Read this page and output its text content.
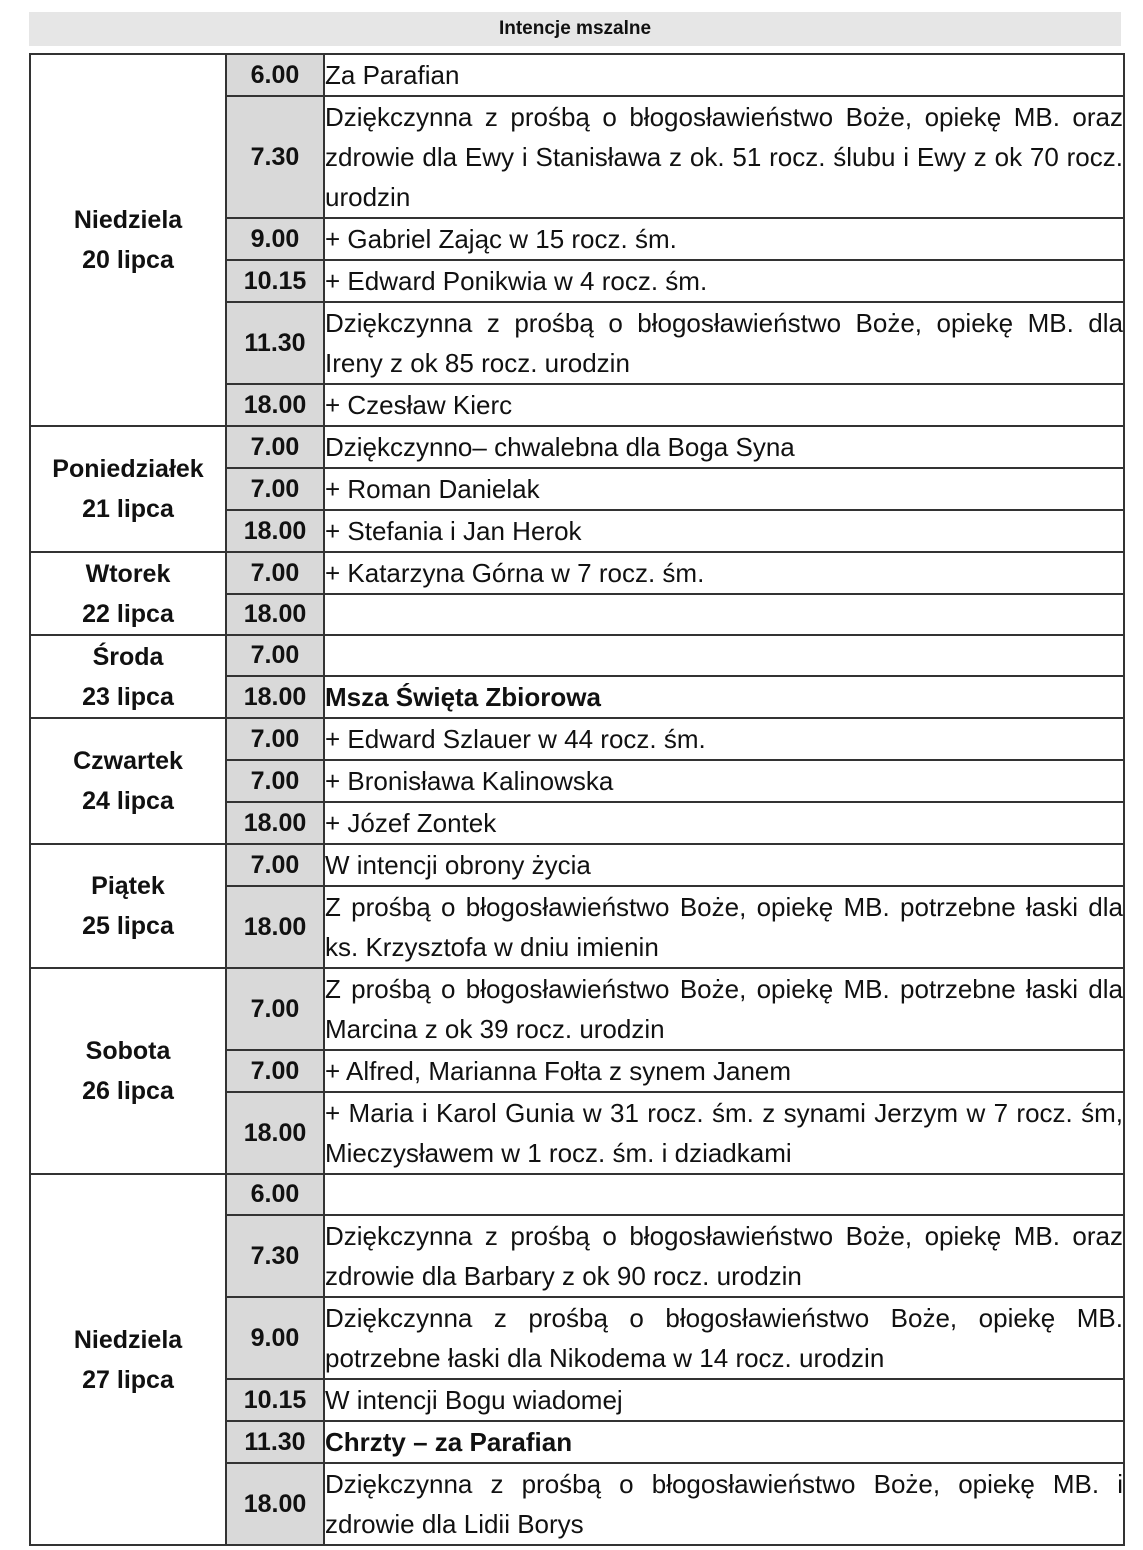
Intencje mszalne
Niedziela
20 lipca	6.00	Za Parafian
	7.30	Dziękczynna z prośbą o błogosławieństwo Boże, opiekę MB. oraz zdrowie dla Ewy i Stanisława z ok. 51 rocz. ślubu i Ewy z ok 70 rocz. urodzin
	9.00	+ Gabriel Zając w 15 rocz. śm.
	10.15	+ Edward Ponikwia w 4 rocz. śm.
	11.30	Dziękczynna z prośbą o błogosławieństwo Boże, opiekę MB. dla Ireny z ok 85 rocz. urodzin
	18.00	+ Czesław Kierc

Poniedziałek
21 lipca	7.00	Dziękczynno– chwalebna dla Boga Syna
	7.00	+ Roman Danielak
	18.00	+ Stefania i Jan Herok

Wtorek
22 lipca	7.00	+ Katarzyna Górna w 7 rocz. śm.
	18.00	

Środa
23 lipca	7.00	
	18.00	Msza Święta Zbiorowa

Czwartek
24 lipca	7.00	+ Edward Szlauer w 44 rocz. śm.
	7.00	+ Bronisława Kalinowska
	18.00	+ Józef Zontek

Piątek
25 lipca	7.00	W intencji obrony życia
	18.00	Z prośbą o błogosławieństwo Boże, opiekę MB. potrzebne łaski dla ks. Krzysztofa w dniu imienin

Sobota
26 lipca	7.00	Z prośbą o błogosławieństwo Boże, opiekę MB. potrzebne łaski dla Marcina z ok 39 rocz. urodzin
	7.00	+ Alfred, Marianna Fołta z synem Janem
	18.00	+ Maria i Karol Gunia w 31 rocz. śm. z synami Jerzym w 7 rocz. śm, Mieczysławem w 1 rocz. śm. i dziadkami

Niedziela
27 lipca	6.00	
	7.30	Dziękczynna z prośbą o błogosławieństwo Boże, opiekę MB. oraz zdrowie dla Barbary z ok 90 rocz. urodzin
	9.00	Dziękczynna z prośbą o błogosławieństwo Boże, opiekę MB. potrzebne łaski dla Nikodema w 14 rocz. urodzin
	10.15	W intencji Bogu wiadomej
	11.30	Chrzty – za Parafian
	18.00	Dziękczynna z prośbą o błogosławieństwo Boże, opiekę MB. i zdrowie dla Lidii Borys
